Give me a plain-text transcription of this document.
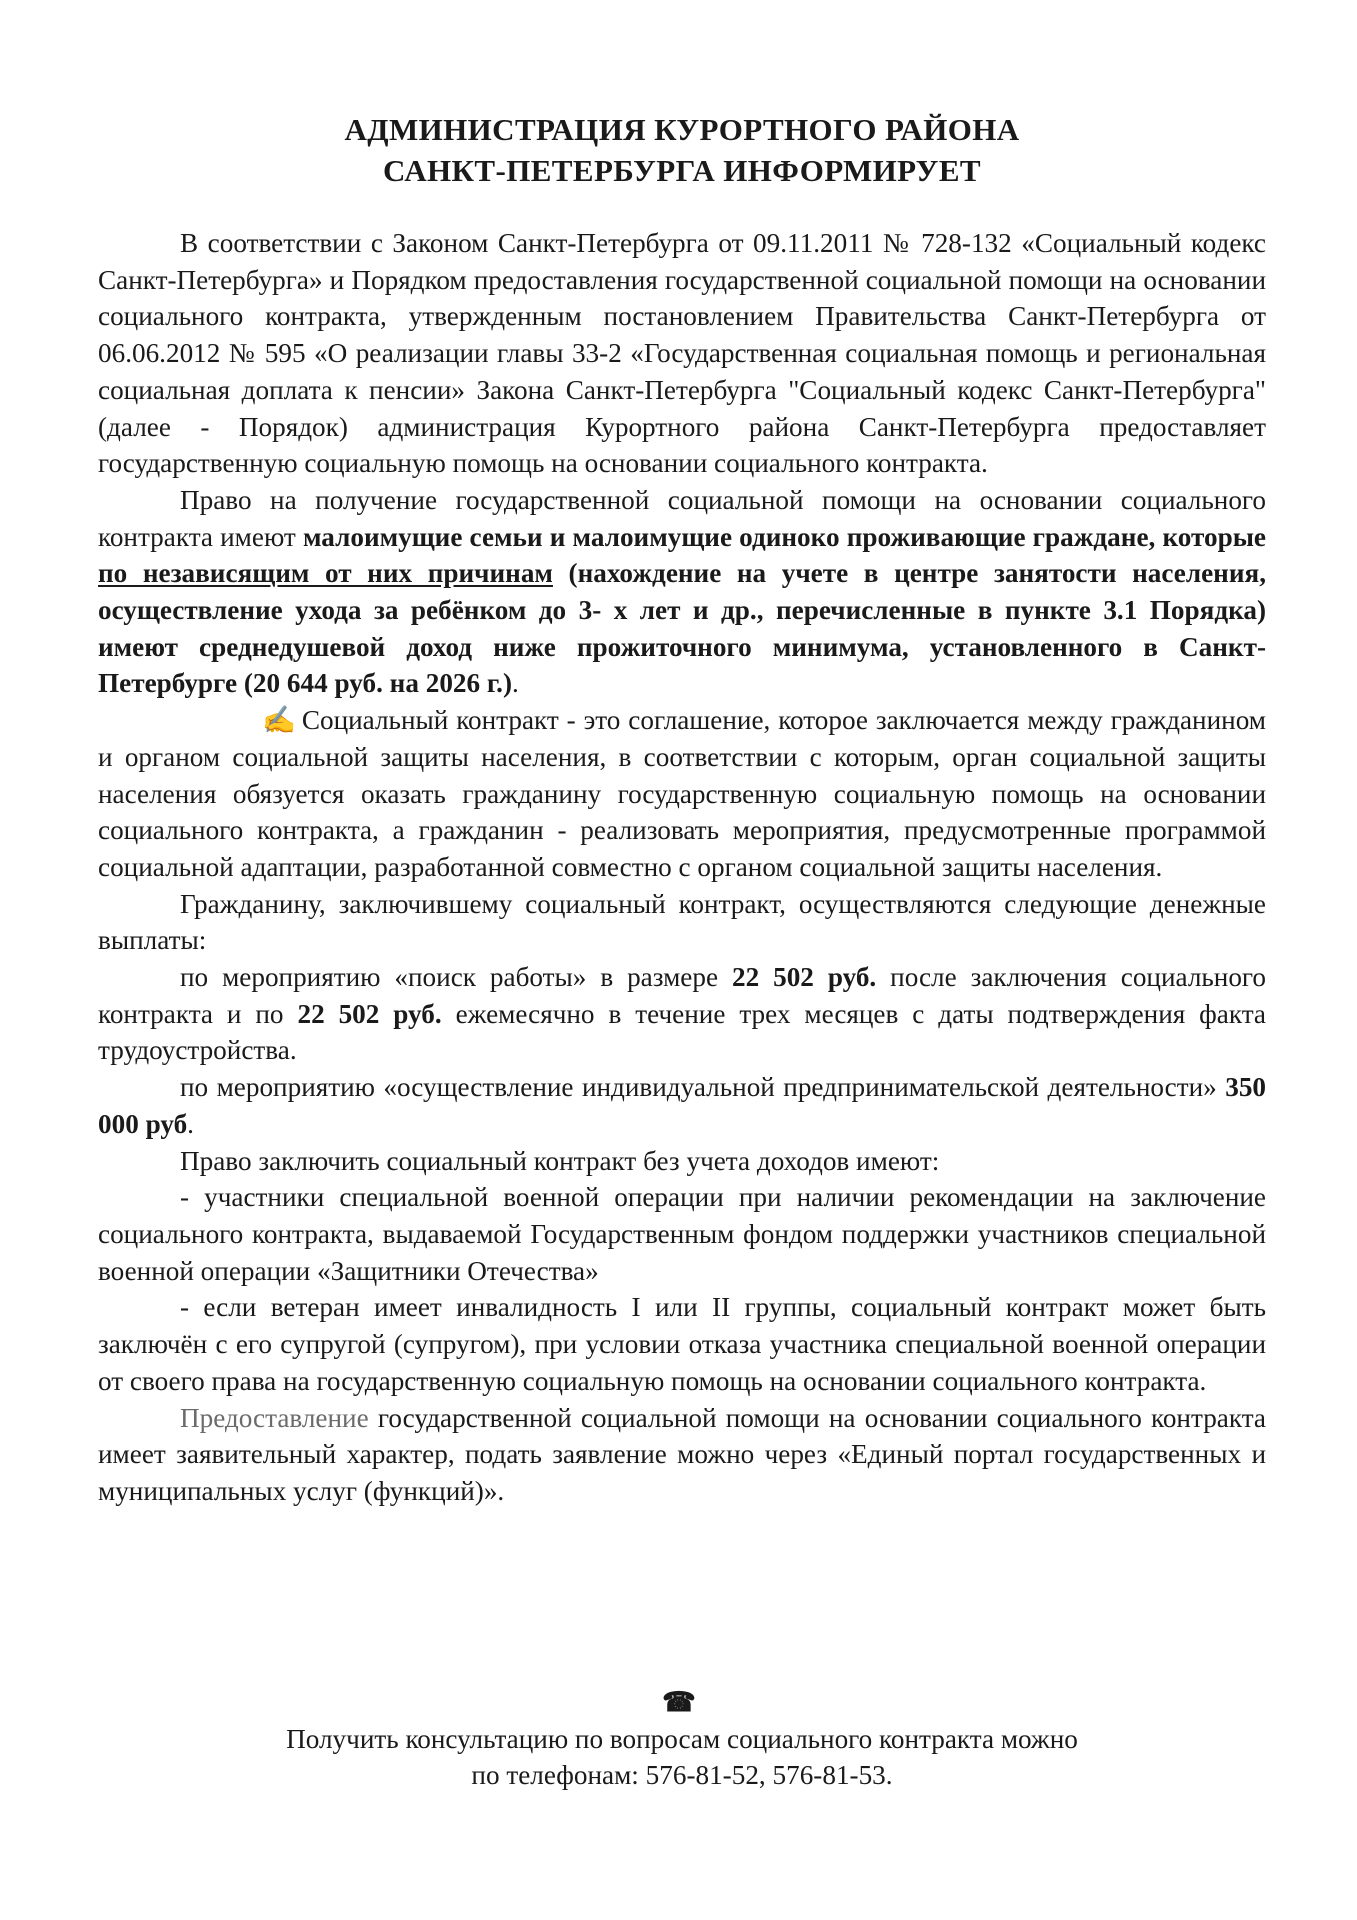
АДМИНИСТРАЦИЯ КУРОРТНОГО РАЙОНА
САНКТ-ПЕТЕРБУРГА ИНФОРМИРУЕТ

В соответствии с Законом Санкт-Петербурга от 09.11.2011 № 728-132 «Социальный кодекс Санкт-Петербурга» и Порядком предоставления государственной социальной помощи на основании социального контракта, утвержденным постановлением Правительства Санкт-Петербурга от 06.06.2012 № 595 «О реализации главы 33-2 «Государственная социальная помощь и региональная социальная доплата к пенсии» Закона Санкт-Петербурга "Социальный кодекс Санкт-Петербурга" (далее - Порядок) администрация Курортного района Санкт-Петербурга предоставляет государственную социальную помощь на основании социального контракта.

Право на получение государственной социальной помощи на основании социального контракта имеют малоимущие семьи и малоимущие одиноко проживающие граждане, которые по независящим от них причинам (нахождение на учете в центре занятости населения, осуществление ухода за ребёнком до 3- х лет и др., перечисленные в пункте 3.1 Порядка) имеют среднедушевой доход ниже прожиточного минимума, установленного в Санкт-Петербурге (20 644 руб. на 2026 г.).

✍ Социальный контракт - это соглашение, которое заключается между гражданином и органом социальной защиты населения, в соответствии с которым, орган социальной защиты населения обязуется оказать гражданину государственную социальную помощь на основании социального контракта, а гражданин - реализовать мероприятия, предусмотренные программой социальной адаптации, разработанной совместно с органом социальной защиты населения.

Гражданину, заключившему социальный контракт, осуществляются следующие денежные выплаты:

по мероприятию «поиск работы» в размере 22 502 руб. после заключения социального контракта и по 22 502 руб. ежемесячно в течение трех месяцев с даты подтверждения факта трудоустройства.

по мероприятию «осуществление индивидуальной предпринимательской деятельности» 350 000 руб.

Право заключить социальный контракт без учета доходов имеют:

- участники специальной военной операции при наличии рекомендации на заключение социального контракта, выдаваемой Государственным фондом поддержки участников специальной военной операции «Защитники Отечества»

- если ветеран имеет инвалидность I или II группы, социальный контракт может быть заключён с его супругой (супругом), при условии отказа участника специальной военной операции от своего права на государственную социальную помощь на основании социального контракта.

Предоставление государственной социальной помощи на основании социального контракта имеет заявительный характер, подать заявление можно через «Единый портал государственных и муниципальных услуг (функций)».

☎
Получить консультацию по вопросам социального контракта можно
по телефонам: 576-81-52, 576-81-53.
